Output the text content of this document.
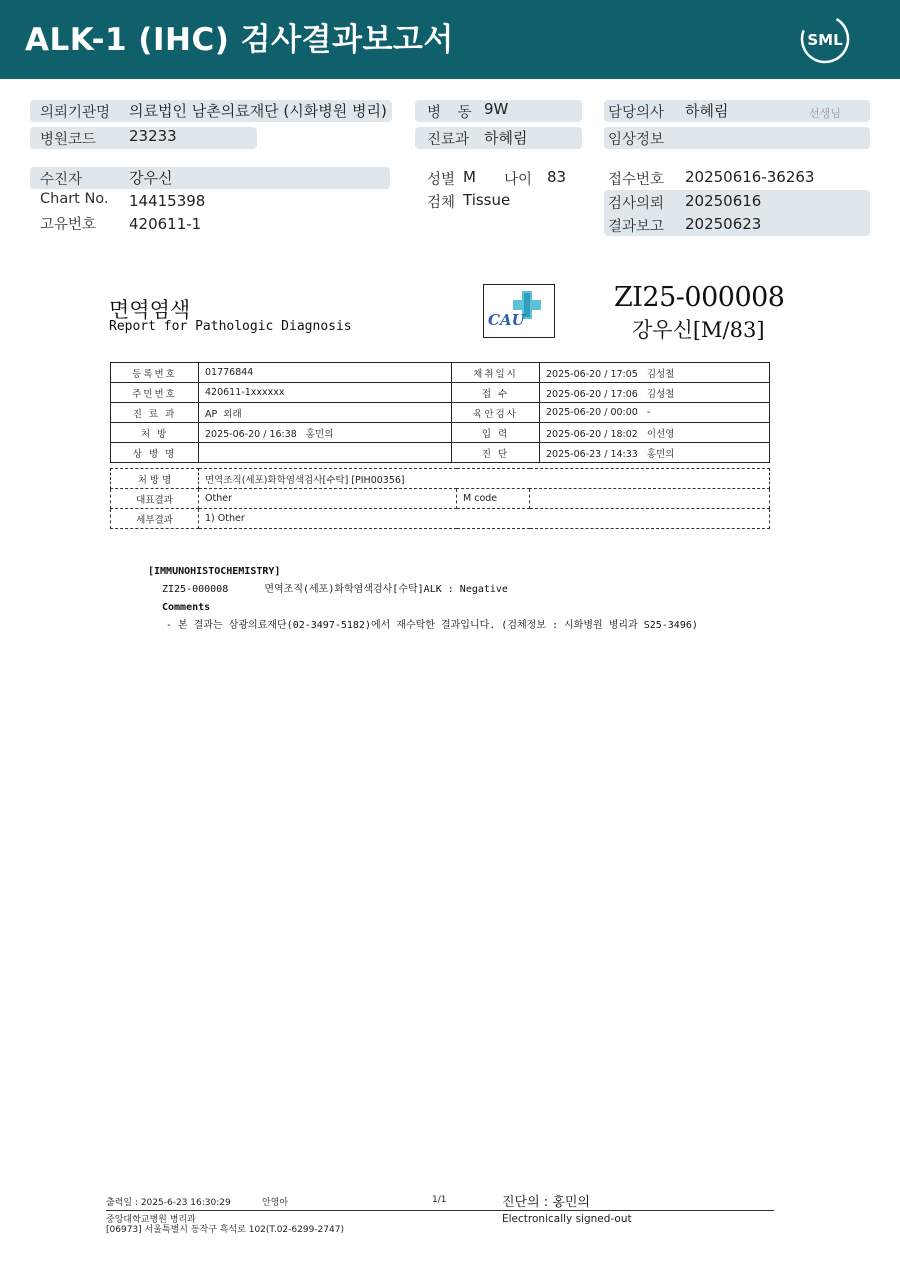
ALK-1 (IHC) 검사결과보고서	SML
의뢰기관명 의료법인 남촌의료재단 (시화병원 병리)
병원코드 23233
병 동 9W
진료과 하혜림
담당의사 하혜림	선생님
임상정보
수진자	강우신
Chart No. 14415398
고유번호 420611-1
성별 M 나이 83
검체 Tissue
접수번호 20250616-36263
검사의뢰 20250616
결과보고 20250623
면역염색
Report for Pathologic Diagnosis	CAU
ZI25-000008
강우신[M/83]
등록번호	01776844	채취일시	2025-06-20 / 17:05   김성철
주민번호	420611-1xxxxxx	접 수	2025-06-20 / 17:06   김성철
진 료 과	AP  외래	육안검사	2025-06-20 / 00:00   -
처 방	2025-06-20 / 16:38   홍민의	입 력	2025-06-20 / 18:02   이선영
상 병 명		진 단	2025-06-23 / 14:33   홍민의
처 방 명	면역조직(세포)화학염색검사[수탁] [PIH00356]		
대표결과	Other	M code	
세부결과	1) Other		
[IMMUNOHISTOCHEMISTRY]
ZI25-000008      면역조직(세포)화학염색검사[수탁]ALK : Negative
Comments
- 본 결과는 삼광의료재단(02-3497-5182)에서 재수탁한 결과입니다. (검체정보 : 시화병원 병리과 S25-3496)
출력일 : 2025-6-23 16:30:29	안영아	1/1	진단의 : 홍민의
중앙대학교병원 병리과
[06973] 서울특별시 동작구 흑석로 102(T.02-6299-2747)
Electronically signed-out
